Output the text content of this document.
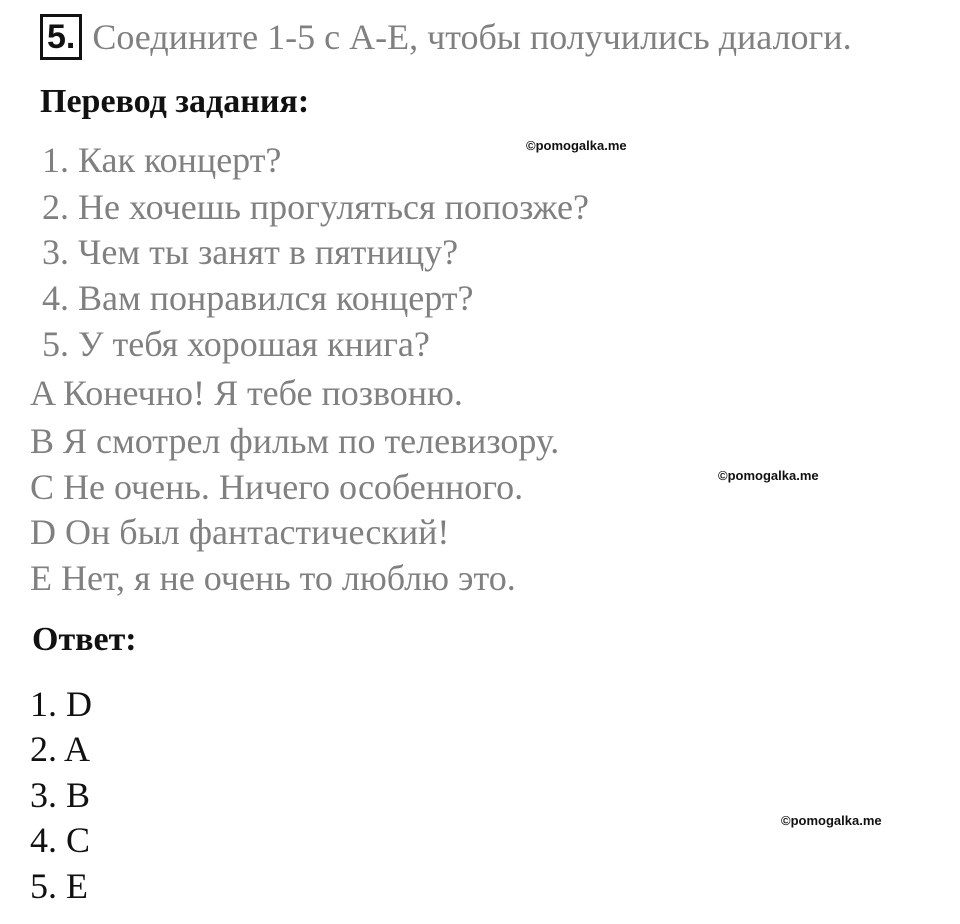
5. Соедините 1-5 с А-Е, чтобы получились диалоги.
Перевод задания:
©pomogalka.me
1. Как концерт?
2. Не хочешь прогуляться попозже?
3. Чем ты занят в пятницу?
4. Вам понравился концерт?
5. У тебя хорошая книга?
A Конечно! Я тебе позвоню.
B Я смотрел фильм по телевизору.
C Не очень. Ничего особенного.
D Он был фантастический!
E Нет, я не очень то люблю это.
©pomogalka.me
Ответ:
1. D
2. A
3. B
4. C
5. E
©pomogalka.me
